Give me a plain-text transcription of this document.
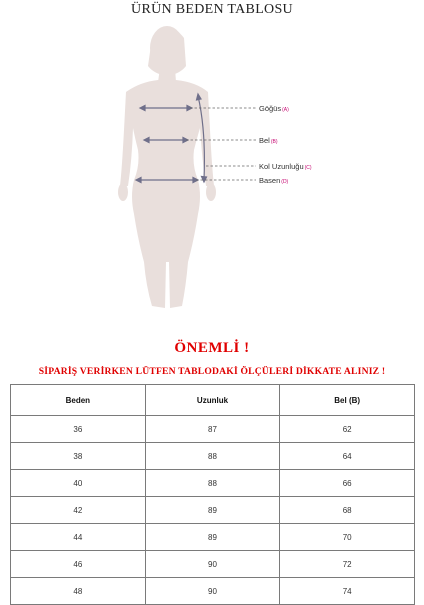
ÜRÜN BEDEN TABLOSU
Göğüs(A)
Bel(B)
Kol Uzunluğu(C)
Basen(D)
ÖNEMLİ !
SİPARİŞ VERİRKEN LÜTFEN TABLODAKİ ÖLÇÜLERİ DİKKATE ALINIZ !
Beden	Uzunluk	Bel (B)
36	87	62
38	88	64
40	88	66
42	89	68
44	89	70
46	90	72
48	90	74
